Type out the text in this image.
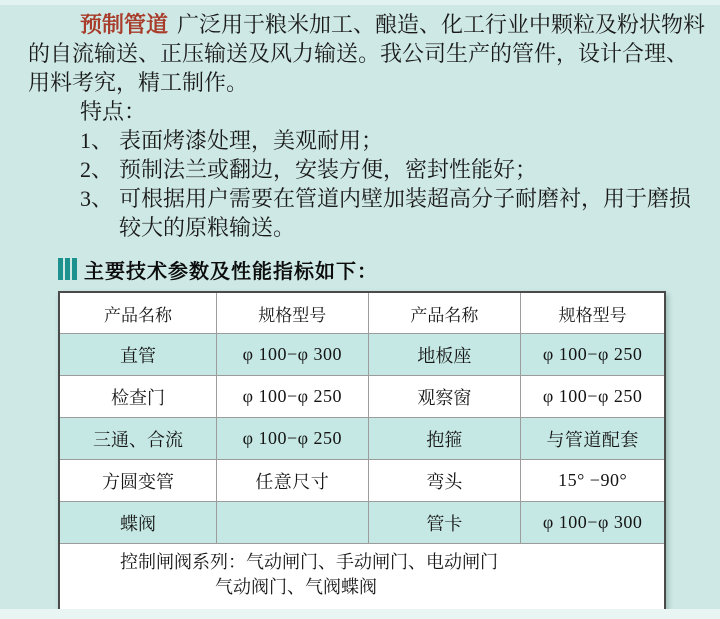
预制管道 广泛用于粮米加工、酿造、化工行业中颗粒及粉状物料
的自流输送、正压输送及风力输送。我公司生产的管件，设计合理、
用料考究，精工制作。
特点：
1、 表面烤漆处理，美观耐用；
2、 预制法兰或翻边，安装方便，密封性能好；
3、 可根据用户需要在管道内壁加装超高分子耐磨衬，用于磨损较大的原粮输送。
主要技术参数及性能指标如下：
产品名称	规格型号	产品名称	规格型号
直管	φ 100−φ 300	地板座	φ 100−φ 250
检查门	φ 100−φ 250	观察窗	φ 100−φ 250
三通、合流	φ 100−φ 250	抱箍	与管道配套
方圆变管	任意尺寸	弯头	15° −90°
蝶阀		管卡	φ 100−φ 300

控制闸阀系列：气动闸门、手动闸门、电动闸门
气动阀门、气阀蝶阀			
